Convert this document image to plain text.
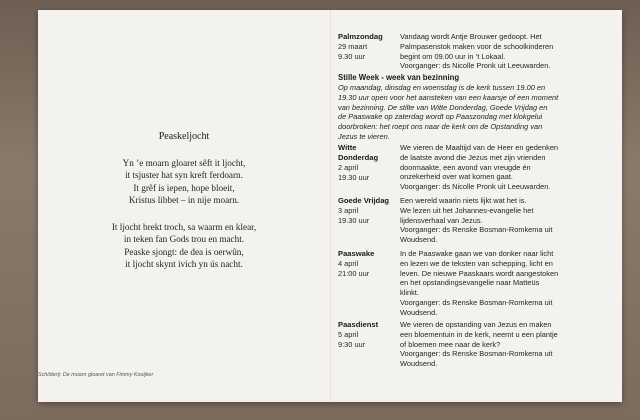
Peaskeljocht
Yn ’e moarn gloaret sêft it ljocht,
it tsjuster hat syn kreft ferdoarn.
It grêf is iepen, hope bloeit,
Kristus libbet – in nije moarn.
It ljocht brekt troch, sa waarm en klear,
in teken fan Gods trou en macht.
Peaske sjongt: de dea is oerwûn,
it ljocht skynt ivich yn ús nacht.
Schilderij: De moarn gloaret van Fimmy Kooijker
Palmzondag
29 maart
9.30 uur
Vandaag wordt Antje Brouwer gedoopt. Het
Palmpasenstok maken voor de schoolkinderen
begint om 09.00 uur in ’t Lokaal.
Voorganger: ds Nicolle Pronk uit Leeuwarden.
Stille Week - week van bezinning
Op maandag, dinsdag en woensdag is de kerk tussen 19.00 en
19.30 uur open voor het aansteken van een kaarsje of een moment
van bezinning. De stilte van Witte Donderdag, Goede Vrijdag en
de Paaswake op zaterdag wordt op Paaszondag met klokgelui
doorbroken: het roept ons naar de kerk om de Opstanding van
Jezus te vieren.
Witte
Donderdag
2 april
19.30 uur
We vieren de Maaltijd van de Heer en gedenken
de laatste avond die Jezus met zijn vrienden
doormaakte, een avond van vreugde én
onzekerheid over wat komen gaat.
Voorganger: ds Nicolle Pronk uit Leeuwarden.
Goede Vrijdag
3 april
19.30 uur
Een wereld waarin niets lijkt wat het is.
We lezen uit het Johannes-evangelie het
lijdensverhaal van Jezus.
Voorganger: ds Renske Bosman-Romkema uit
Woudsend.
Paaswake
4 april
21:00 uur
In de Paaswake gaan we van donker naar licht
en lezen we de teksten van schepping, licht en
leven. De nieuwe Paaskaars wordt aangestoken
en het opstandingsevangelie naar Matteüs
klinkt.
Voorganger: ds Renske Bosman-Romkema uit
Woudsend.
Paasdienst
5 april
9:30 uur
We vieren de opstanding van Jezus en maken
een bloementuin in de kerk, neemt u een plantje
of bloemen mee naar de kerk?
Voorganger: ds Renske Bosman-Romkema uit
Woudsend.
